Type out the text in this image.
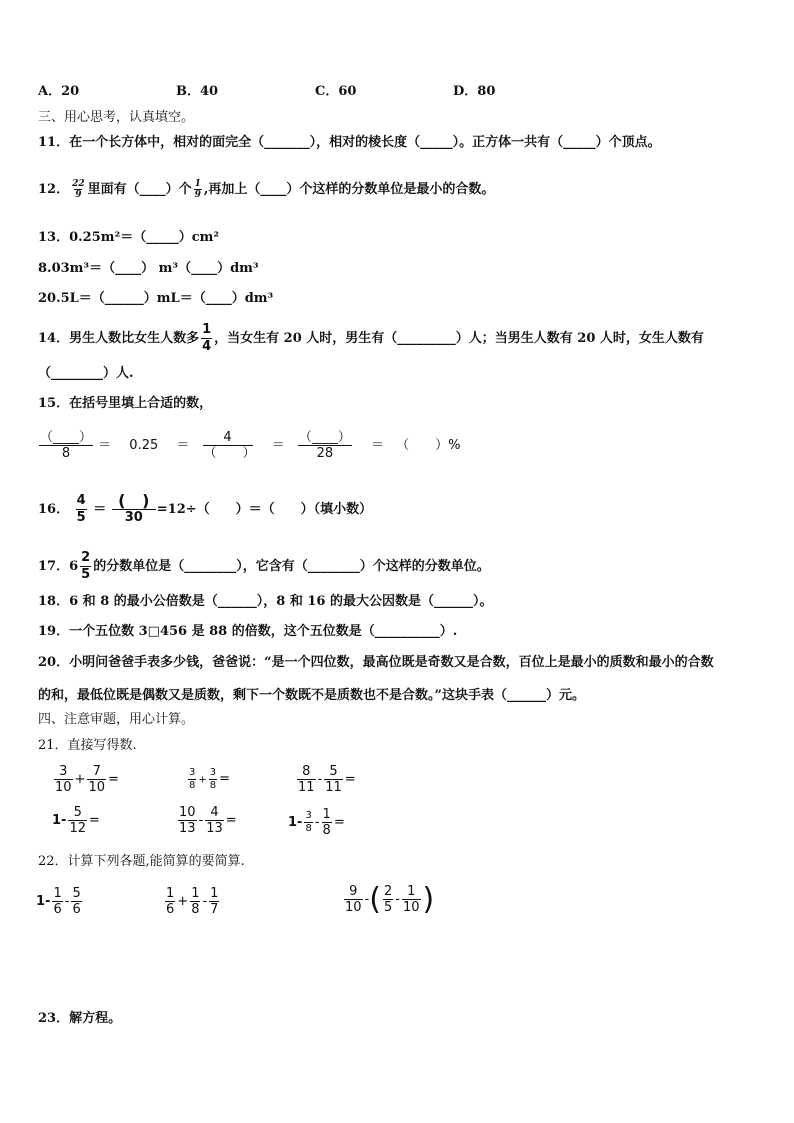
A．20	B．40	C．60	D．80
三、用心思考，认真填空。
11．在一个长方体中，相对的面完全（_______），相对的棱长度（_____）。正方体一共有（_____）个顶点。
12． $\frac{22}{9}$ 里面有（____）个 $\frac{1}{9}$ ,再加上（____）个这样的分数单位是最小的合数。
13．0.25m²＝（_____）cm²
8.03m³＝（____） m³（____）dm³
20.5L＝（______）mL＝（____）dm³
14．男生人数比女生人数多 $\frac{1}{4}$ ，当女生有 20 人时，男生有（_________）人；当男生人数有 20 人时，女生人数有
（________）人.
15．在括号里填上合适的数，
$\frac{(\_\_\_\_)}{8} = 0.25 = \frac{4}{( )} = \frac{(\_\_\_\_)}{28}$ ＝ （　　）%
16． $\frac{4}{5} = \frac{( )}{30} =12\div$（　　）＝（　　）（填小数）
17．$6 \frac{2}{5}$ 的分数单位是（________），它含有（________）个这样的分数单位。
18．6 和 8 的最小公倍数是（______），8 和 16 的最大公因数是（______）。
19．一个五位数 3□456 是 88 的倍数，这个五位数是（__________）.
20．小明问爸爸手表多少钱，爸爸说：“是一个四位数，最高位既是奇数又是合数，百位上是最小的质数和最小的合数
的和，最低位既是偶数又是质数，剩下一个数既不是质数也不是合数。”这块手表（______）元。
四、注意审题，用心计算。
21．直接写得数.
$\frac{3}{10} + \frac{7}{10}$ =	$\frac{3}{8} + \frac{3}{8}$ =	$\frac{8}{11} - \frac{5}{11}$ =
$1- \frac{5}{12}$ =	$\frac{10}{13} - \frac{4}{13}$ =	$1- \frac{3}{8} - \frac{1}{8}$ =
22．计算下列各题,能简算的要简算.
$1- \frac{1}{6} - \frac{5}{6}$	$\frac{1}{6} + \frac{1}{8} - \frac{1}{7}$	$\frac{9}{10}$ - ( $\frac{2}{5} - \frac{1}{10}$ )
23．解方程。
